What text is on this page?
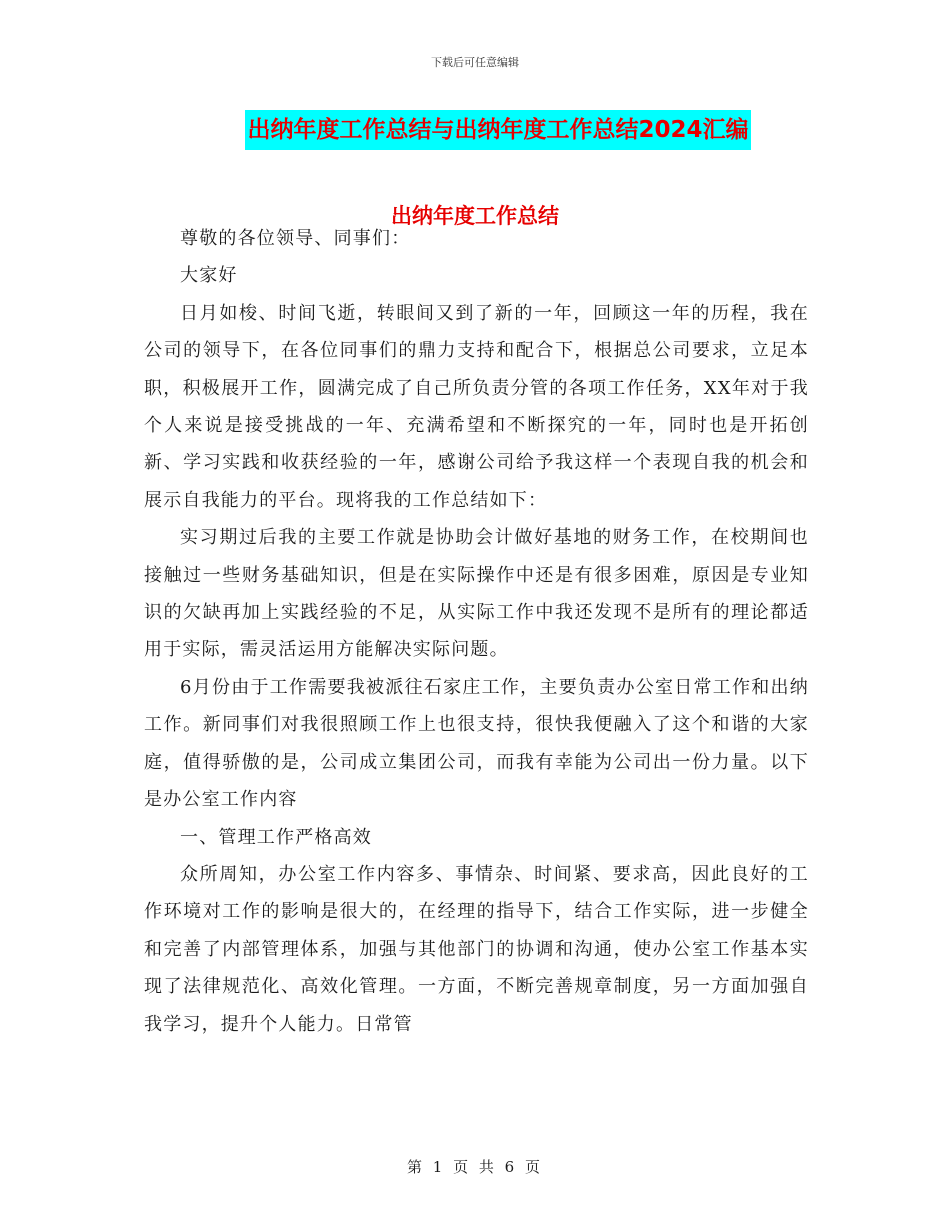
下载后可任意编辑
出纳年度工作总结与出纳年度工作总结2024汇编
出纳年度工作总结

尊敬的各位领导、同事们：

大家好

日月如梭、时间飞逝，转眼间又到了新的一年，回顾这一年的历程，我在公司的领导下，在各位同事们的鼎力支持和配合下，根据总公司要求，立足本职，积极展开工作，圆满完成了自己所负责分管的各项工作任务，XX年对于我个人来说是接受挑战的一年、充满希望和不断探究的一年，同时也是开拓创新、学习实践和收获经验的一年，感谢公司给予我这样一个表现自我的机会和展示自我能力的平台。现将我的工作总结如下：

实习期过后我的主要工作就是协助会计做好基地的财务工作，在校期间也接触过一些财务基础知识，但是在实际操作中还是有很多困难，原因是专业知识的欠缺再加上实践经验的不足，从实际工作中我还发现不是所有的理论都适用于实际，需灵活运用方能解决实际问题。

6月份由于工作需要我被派往石家庄工作，主要负责办公室日常工作和出纳工作。新同事们对我很照顾工作上也很支持，很快我便融入了这个和谐的大家庭，值得骄傲的是，公司成立集团公司，而我有幸能为公司出一份力量。以下是办公室工作内容

一、管理工作严格高效

众所周知，办公室工作内容多、事情杂、时间紧、要求高，因此良好的工作环境对工作的影响是很大的，在经理的指导下，结合工作实际，进一步健全和完善了内部管理体系，加强与其他部门的协调和沟通，使办公室工作基本实现了法律规范化、高效化管理。一方面，不断完善规章制度，另一方面加强自我学习，提升个人能力。日常管

第 1 页 共 6 页
